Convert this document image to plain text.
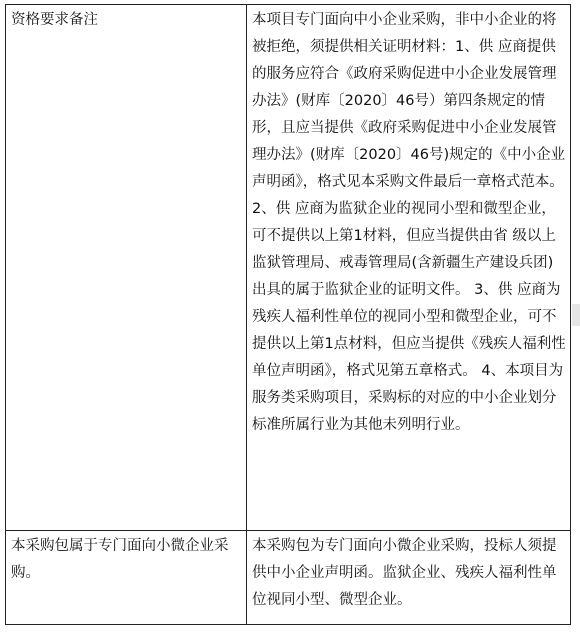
资格要求备注	本项目专门面向中小企业采购，非中小企业的将被拒绝，须提供相关证明材料：1、供 应商提供的服务应符合《政府采购促进中小企业发展管理办法》(财库〔2020〕46号）第四条规定的情形，且应当提供《政府采购促进中小企业发展管理办法》(财库〔2020〕46号)规定的《中小企业声明函》，格式见本采购文件最后一章格式范本。 2、供 应商为监狱企业的视同小型和微型企业，可不提供以上第1材料，但应当提供由省 级以上监狱管理局、戒毒管理局(含新疆生产建设兵团)出具的属于监狱企业的证明文件。 3、供 应商为残疾人福利性单位的视同小型和微型企业，可不提供以上第1点材料，但应当提供《残疾人福利性单位声明函》，格式见第五章格式。 4、本项目为服务类采购项目，采购标的对应的中小企业划分标准所属行业为其他未列明行业。
本采购包属于专门面向小微企业采购。	本采购包为专门面向小微企业采购，投标人须提供中小企业声明函。监狱企业、残疾人福利性单位视同小型、微型企业。
